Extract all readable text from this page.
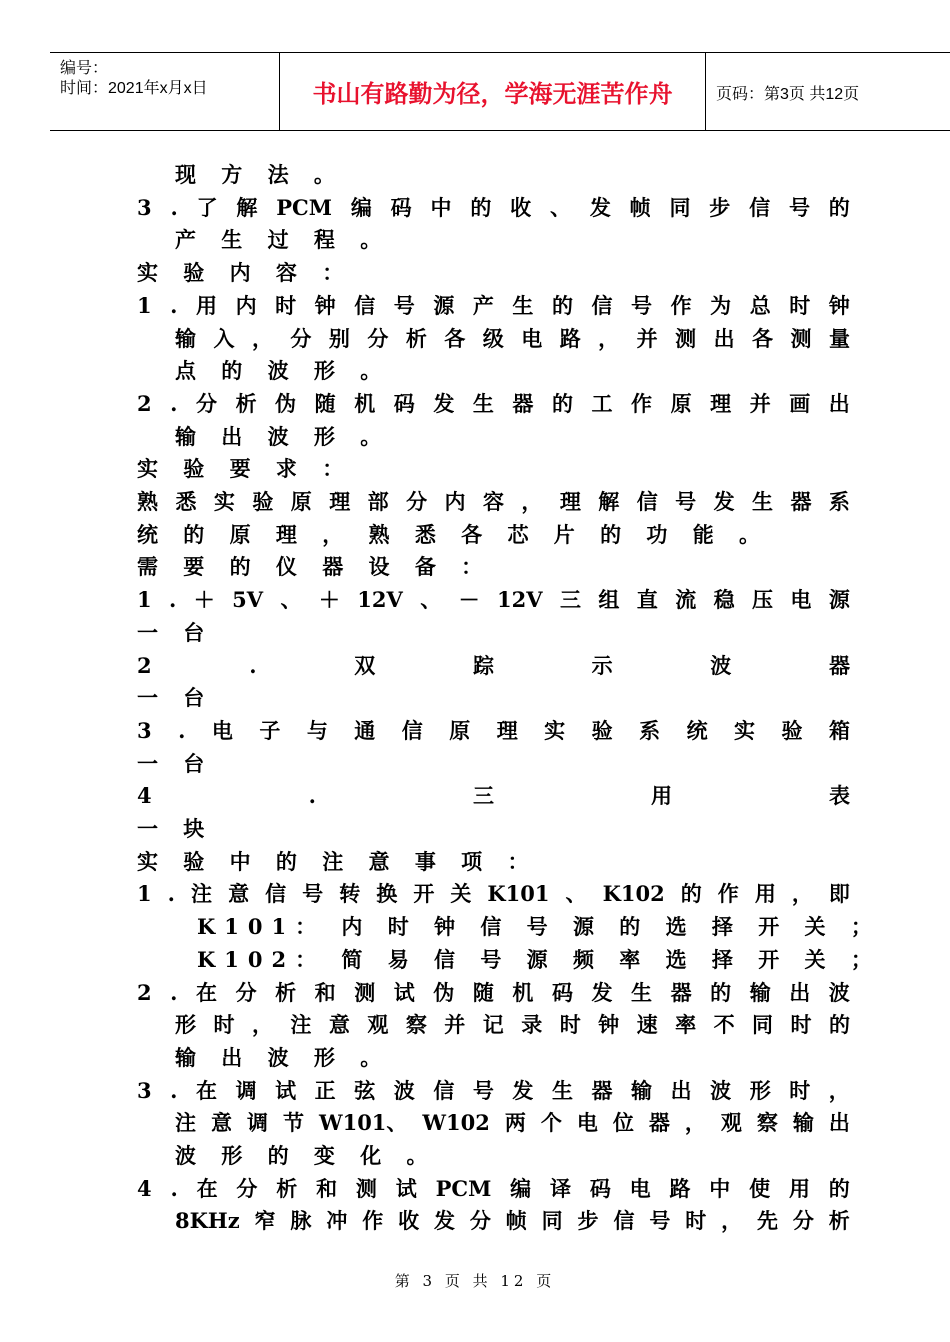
编号：
时间：2021年x月x日	书山有路勤为径，学海无涯苦作舟	页码：第3页 共12页
现 方 法 。
3 . 了 解 PCM 编 码 中 的 收 、 发 帧 同 步 信 号 的
产 生 过 程 。
实 验 内 容 ：
1 . 用 内 时 钟 信 号 源 产 生 的 信 号 作 为 总 时 钟
输 入 ， 分 别 分 析 各 级 电 路 ， 并 测 出 各 测 量
点 的 波 形 。
2 . 分 析 伪 随 机 码 发 生 器 的 工 作 原 理 并 画 出
输 出 波 形 。
实 验 要 求 ：
熟 悉 实 验 原 理 部 分 内 容 ， 理 解 信 号 发 生 器 系
统 的 原 理 ， 熟 悉 各 芯 片 的 功 能 。
需 要 的 仪 器 设 备 ：
1 . ＋ 5V 、 ＋ 12V 、 － 12V 三 组 直 流 稳 压 电 源
一 台
2	.	双	踪	示	波	器
一 台
3 . 电 子 与 通 信 原 理 实 验 系 统 实 验 箱
一 台
4	.	三	用	表
一 块
实 验 中 的 注 意 事 项 ：
1 . 注 意 信 号 转 换 开 关 K101 、 K102 的 作 用 ， 即
K101： 内 时 钟 信 号 源 的 选 择 开 关 ；
K102： 简 易 信 号 源 频 率 选 择 开 关 ；
2 . 在 分 析 和 测 试 伪 随 机 码 发 生 器 的 输 出 波
形 时 ， 注 意 观 察 并 记 录 时 钟 速 率 不 同 时 的
输 出 波 形 。
3 . 在 调 试 正 弦 波 信 号 发 生 器 输 出 波 形 时 ，
注 意 调 节 W101、 W102 两 个 电 位 器 ， 观 察 输 出
波 形 的 变 化 。
4 . 在 分 析 和 测 试 PCM 编 译 码 电 路 中 使 用 的
8KHz 窄 脉 冲 作 收 发 分 帧 同 步 信 号 时 ， 先 分 析
第 3 页 共 12 页
